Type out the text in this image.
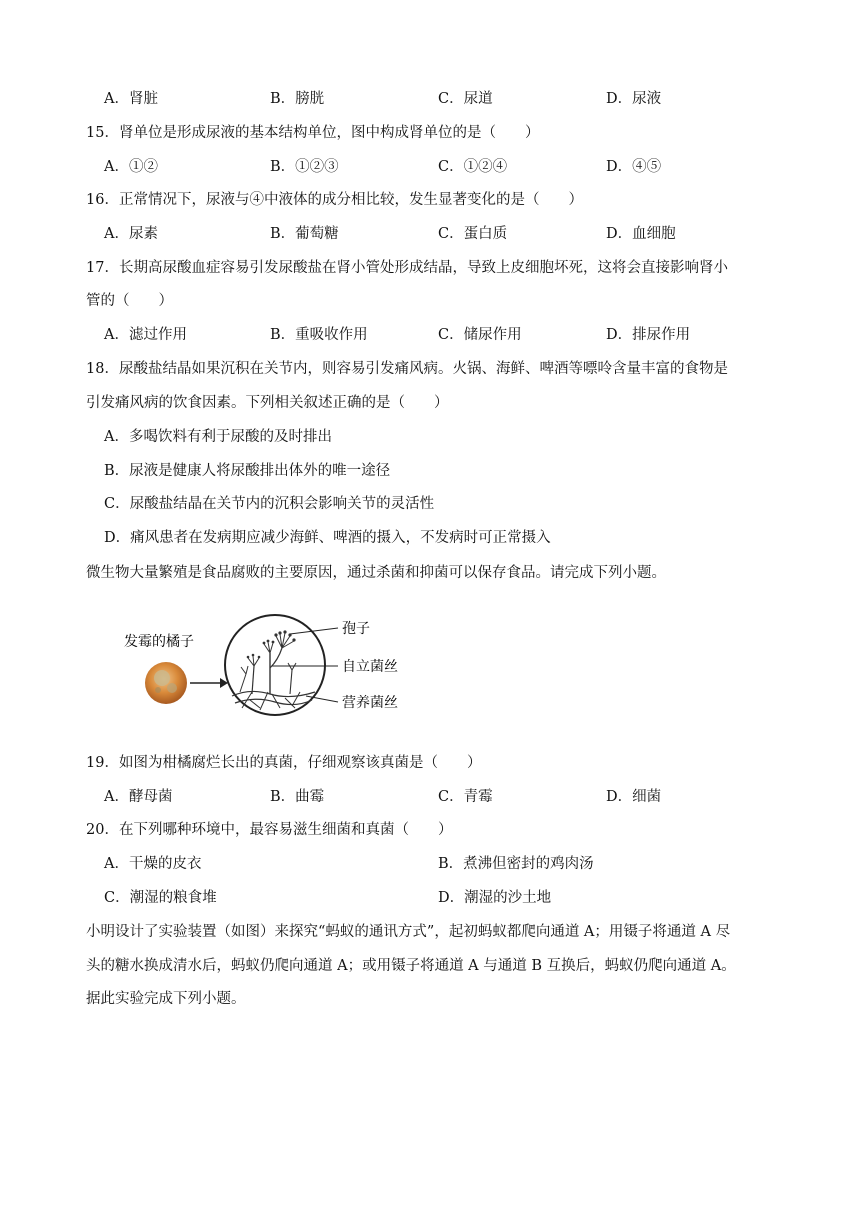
A．肾脏	B．膀胱	C．尿道	D．尿液
15．肾单位是形成尿液的基本结构单位，图中构成肾单位的是（　　）
A．①②	B．①②③	C．①②④	D．④⑤
16．正常情况下，尿液与④中液体的成分相比较，发生显著变化的是（　　）
A．尿素	B．葡萄糖	C．蛋白质	D．血细胞
17．长期高尿酸血症容易引发尿酸盐在肾小管处形成结晶，导致上皮细胞坏死，这将会直接影响肾小
管的（　　）
A．滤过作用	B．重吸收作用	C．储尿作用	D．排尿作用
18．尿酸盐结晶如果沉积在关节内，则容易引发痛风病。火锅、海鲜、啤酒等嘌呤含量丰富的食物是
引发痛风病的饮食因素。下列相关叙述正确的是（　　）
A．多喝饮料有利于尿酸的及时排出
B．尿液是健康人将尿酸排出体外的唯一途径
C．尿酸盐结晶在关节内的沉积会影响关节的灵活性
D．痛风患者在发病期应减少海鲜、啤酒的摄入，不发病时可正常摄入
微生物大量繁殖是食品腐败的主要原因，通过杀菌和抑菌可以保存食品。请完成下列小题。
发霉的橘子
孢子
自立菌丝
营养菌丝
19．如图为柑橘腐烂长出的真菌，仔细观察该真菌是（　　）
A．酵母菌	B．曲霉	C．青霉	D．细菌
20．在下列哪种环境中，最容易滋生细菌和真菌（　　）
A．干燥的皮衣	B．煮沸但密封的鸡肉汤
C．潮湿的粮食堆	D．潮湿的沙土地
小明设计了实验装置（如图）来探究“蚂蚁的通讯方式”，起初蚂蚁都爬向通道 A；用镊子将通道 A 尽
头的糖水换成清水后，蚂蚁仍爬向通道 A；或用镊子将通道 A 与通道 B 互换后，蚂蚁仍爬向通道 A。
据此实验完成下列小题。
